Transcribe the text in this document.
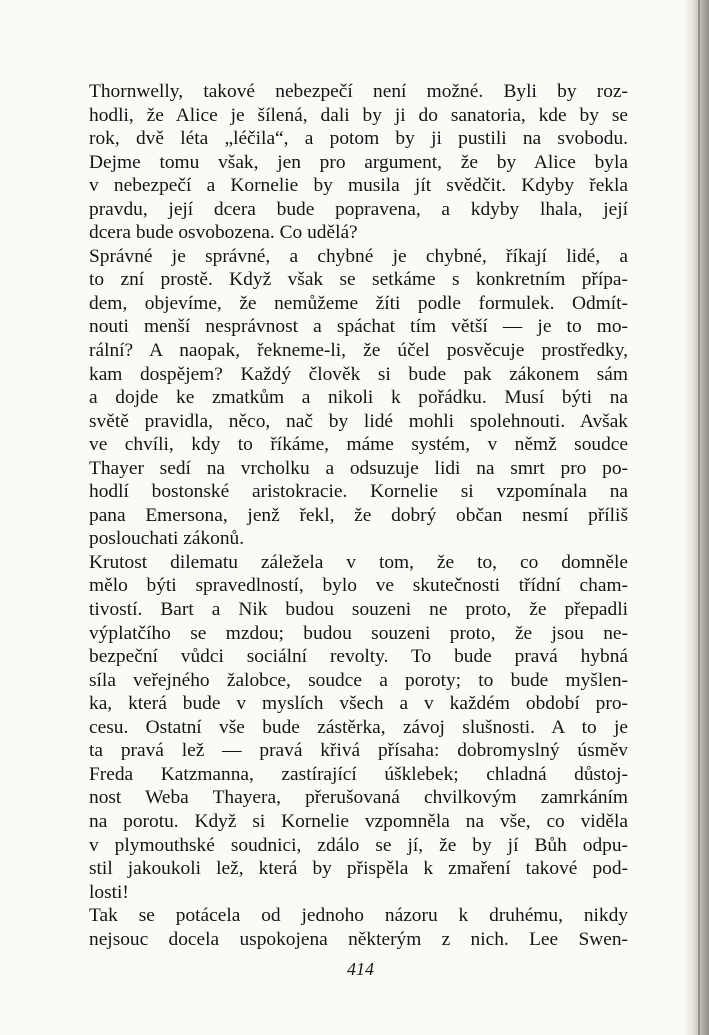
Thornwelly, takové nebezpečí není možné. Byli by roz-
hodli, že Alice je šílená, dali by ji do sanatoria, kde by se
rok, dvě léta „léčila“, a potom by ji pustili na svobodu.
Dejme tomu však, jen pro argument, že by Alice byla
v nebezpečí a Kornelie by musila jít svědčit. Kdyby řekla
pravdu, její dcera bude popravena, a kdyby lhala, její
dcera bude osvobozena. Co udělá?
Správné je správné, a chybné je chybné, říkají lidé, a
to zní prostě. Když však se setkáme s konkretním přípa-
dem, objevíme, že nemůžeme žíti podle formulek. Odmít-
nouti menší nesprávnost a spáchat tím větší — je to mo-
rální? A naopak, řekneme-li, že účel posvěcuje prostředky,
kam dospějem? Každý člověk si bude pak zákonem sám
a dojde ke zmatkům a nikoli k pořádku. Musí býti na
světě pravidla, něco, nač by lidé mohli spolehnouti. Avšak
ve chvíli, kdy to říkáme, máme systém, v němž soudce
Thayer sedí na vrcholku a odsuzuje lidi na smrt pro po-
hodlí bostonské aristokracie. Kornelie si vzpomínala na
pana Emersona, jenž řekl, že dobrý občan nesmí příliš
poslouchati zákonů.
Krutost dilematu záležela v tom, že to, co domněle
mělo býti spravedlností, bylo ve skutečnosti třídní cham-
tivostí. Bart a Nik budou souzeni ne proto, že přepadli
výplatčího se mzdou; budou souzeni proto, že jsou ne-
bezpeční vůdci sociální revolty. To bude pravá hybná
síla veřejného žalobce, soudce a poroty; to bude myšlen-
ka, která bude v myslích všech a v každém období pro-
cesu. Ostatní vše bude zástěrka, závoj slušnosti. A to je
ta pravá lež — pravá křivá přísaha: dobromyslný úsměv
Freda Katzmanna, zastírající úšklebek; chladná důstoj-
nost Weba Thayera, přerušovaná chvilkovým zamrkáním
na porotu. Když si Kornelie vzpomněla na vše, co viděla
v plymouthské soudnici, zdálo se jí, že by jí Bůh odpu-
stil jakoukoli lež, která by přispěla k zmaření takové pod-
losti!
Tak se potácela od jednoho názoru k druhému, nikdy
nejsouc docela uspokojena některým z nich. Lee Swen-
414
